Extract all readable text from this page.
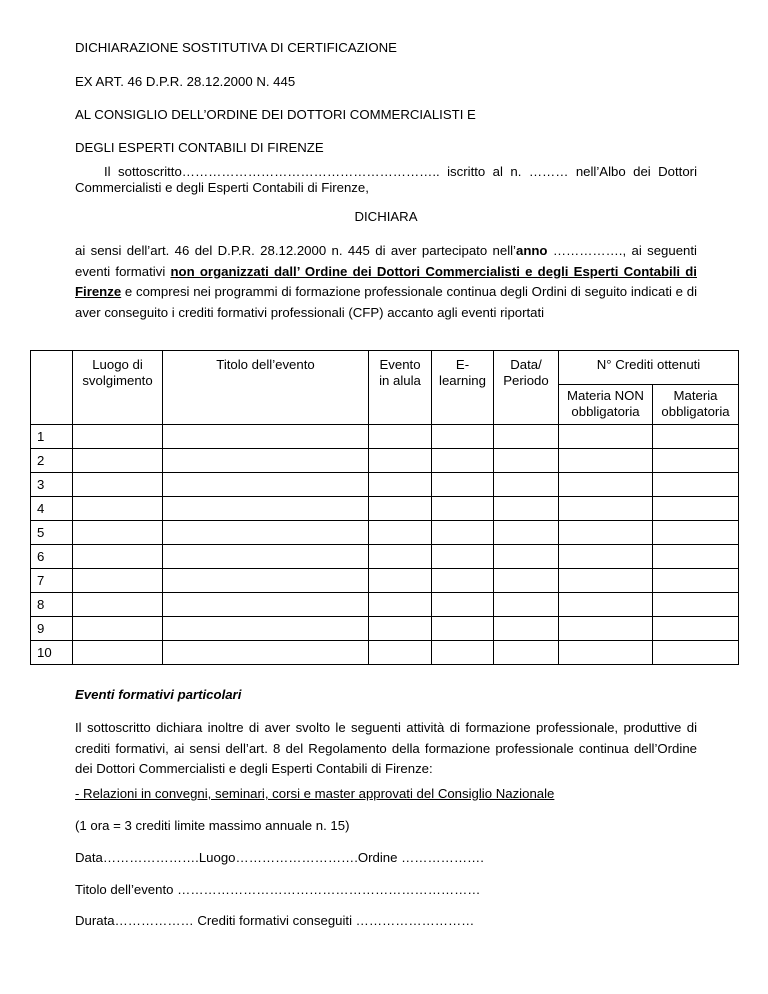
DICHIARAZIONE SOSTITUTIVA DI CERTIFICAZIONE
EX ART. 46 D.P.R. 28.12.2000 N. 445
AL CONSIGLIO DELL’ORDINE DEI DOTTORI COMMERCIALISTI E
DEGLI ESPERTI CONTABILI DI FIRENZE
Il sottoscritto………………………………………………….. iscritto al n. ……… nell’Albo dei Dottori
Commercialisti e degli Esperti Contabili di Firenze,
DICHIARA
ai sensi dell’art. 46 del D.P.R. 28.12.2000 n. 445 di aver partecipato nell’anno ……………., ai seguenti eventi formativi non organizzati dall’ Ordine dei Dottori Commercialisti e degli Esperti Contabili di Firenze e compresi nei programmi di formazione professionale continua degli Ordini di seguito indicati e di aver conseguito i crediti formativi professionali (CFP) accanto agli eventi riportati
	Luogo di svolgimento	Titolo dell’evento	Evento in alula	E-learning	Data/ Periodo	N° Crediti ottenuti	
						Materia NON obbligatoria	Materia obbligatoria
1							
2							
3							
4							
5							
6							
7							
8							
9							
10							
Eventi formativi particolari
Il sottoscritto dichiara inoltre di aver svolto le seguenti attività di formazione professionale, produttive di crediti formativi, ai sensi dell’art. 8 del Regolamento della formazione professionale continua dell’Ordine dei Dottori Commercialisti e degli Esperti Contabili di Firenze:
- Relazioni in convegni, seminari, corsi e master approvati del Consiglio Nazionale
(1 ora = 3 crediti limite massimo annuale n. 15)
Data………………….Luogo……………………….Ordine ……………….
Titolo dell’evento ……………………………………………………………
Durata……………… Crediti formativi conseguiti ………………………
